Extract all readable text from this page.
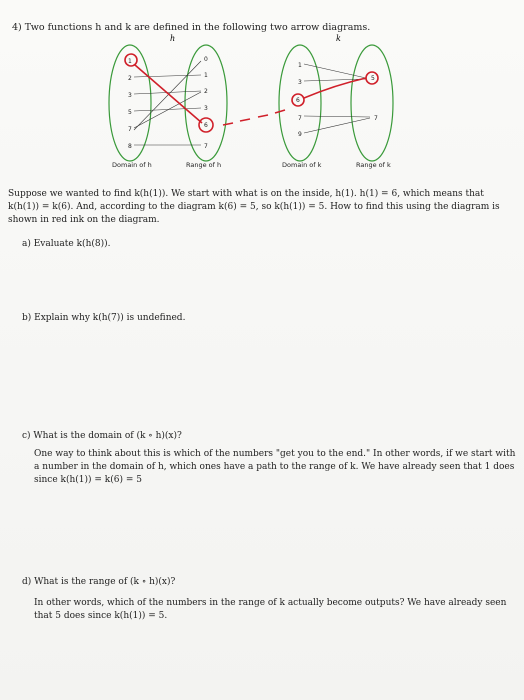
4) Two functions h and k are defined in the following two arrow diagrams.
h	k
1
2
3
5
7
8
0
1
2
3
6
7
1
3
6
7
9
5
7
Domain of h	Range of h	Domain of k	Range of k
Suppose we wanted to find k(h(1)). We start with what is on the inside, h(1). h(1) = 6, which means that
k(h(1)) = k(6). And, according to the diagram k(6) = 5, so k(h(1)) = 5. How to find this using the diagram is
shown in red ink on the diagram.
a) Evaluate k(h(8)).
b) Explain why k(h(7)) is undefined.
c) What is the domain of (k ∘ h)(x)?
One way to think about this is which of the numbers "get you to the end." In other words, if we start with
a number in the domain of h, which ones have a path to the range of k. We have already seen that 1 does
since k(h(1)) = k(6) = 5
d) What is the range of (k ∘ h)(x)?
In other words, which of the numbers in the range of k actually become outputs? We have already seen
that 5 does since k(h(1)) = 5.
